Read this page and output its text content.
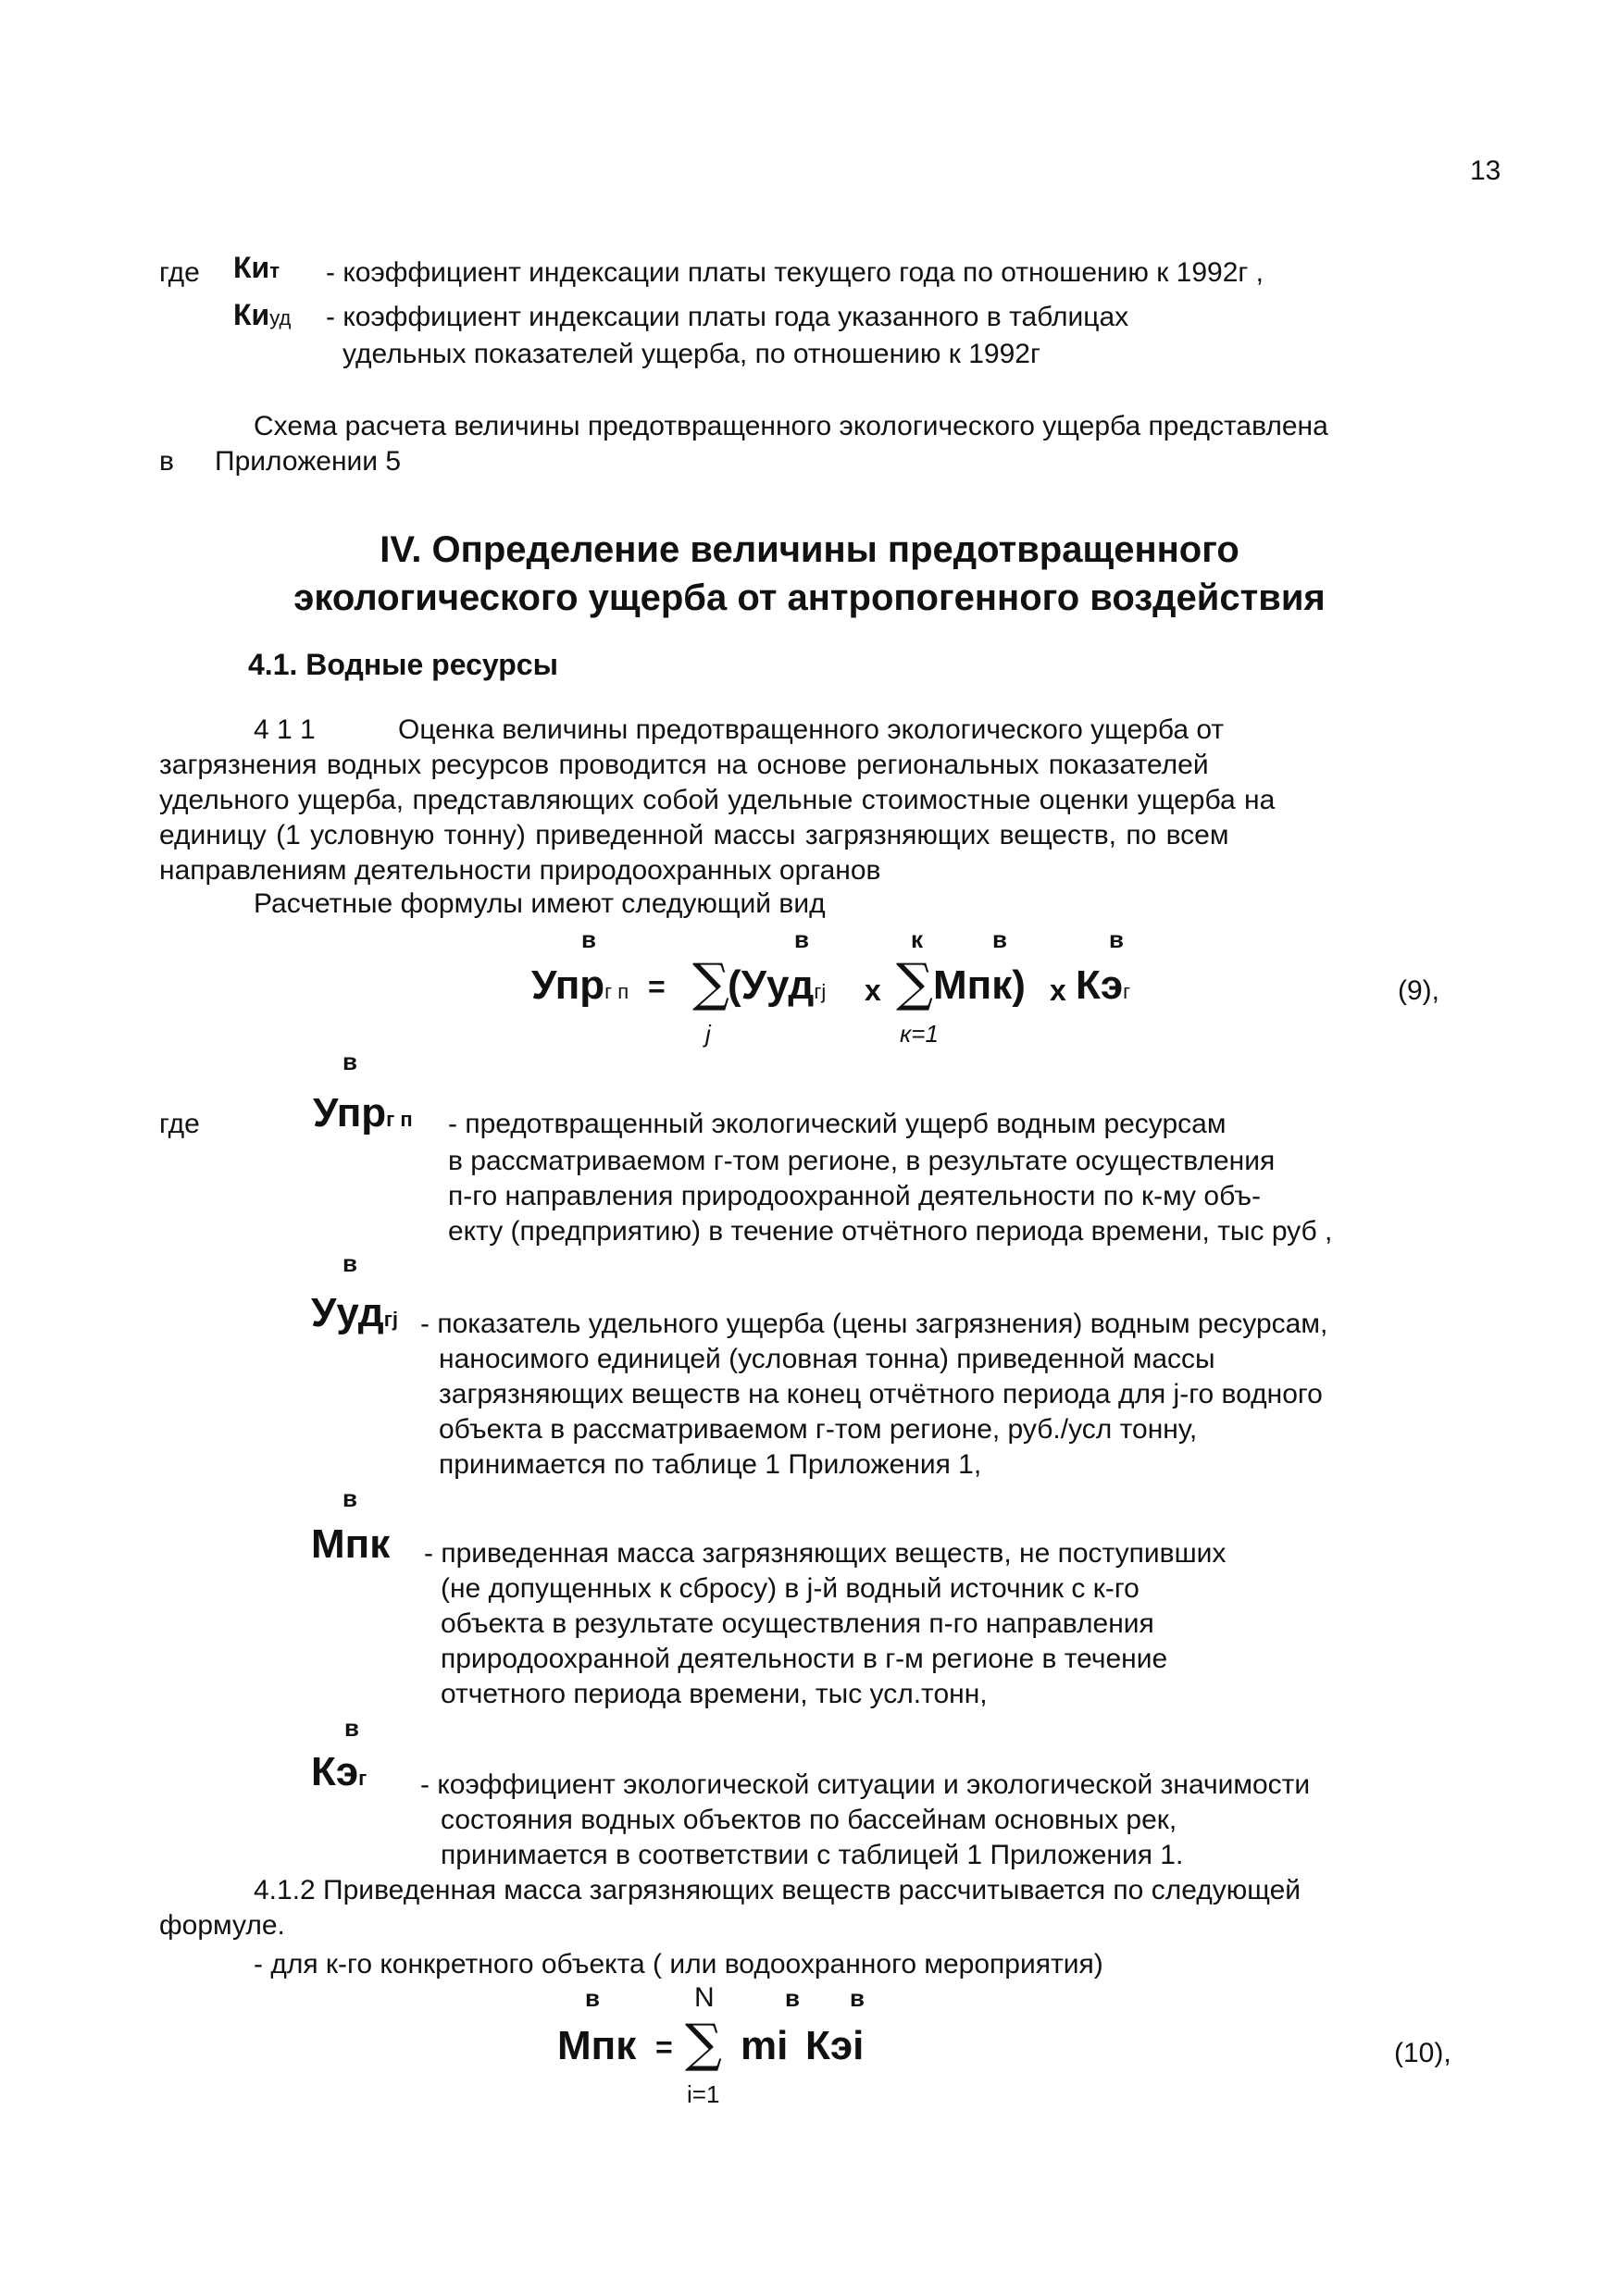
13
где Кит - коэффициент индексации платы текущего года по отношению к 1992г ,
Киуд - коэффициент индексации платы года указанного в таблицах
удельных показателей ущерба, по отношению к 1992г
Схема расчета величины предотвращенного экологического ущерба представлена
в Приложении 5
IV. Определение величины предотвращенного
экологического ущерба от антропогенного воздействия
4.1. Водные ресурсы
4 1 1	Оценка величины предотвращенного экологического ущерба от
загрязнения водных ресурсов проводится на основе региональных показателей
удельного ущерба, представляющих собой удельные стоимостные оценки ущерба на
единицу (1 условную тонну) приведенной массы загрязняющих веществ, по всем
направлениям деятельности природоохранных органов
Расчетные формулы имеют следующий вид
в	в	к	в	в
Упрг п = ∑
(Уудгj х ∑ Мпк) х Кэг
j	к=1
(9),
в
где	Упрг п - предотвращенный экологический ущерб водным ресурсам
в рассматриваемом г-том регионе, в результате осуществления
п-го направления природоохранной деятельности по к-му объ-
екту (предприятию) в течение отчётного периода времени, тыс руб ,
в
Уудгj - показатель удельного ущерба (цены загрязнения) водным ресурсам,
наносимого единицей (условная тонна) приведенной массы
загрязняющих веществ на конец отчётного периода для j-го водного
объекта в рассматриваемом г-том регионе, руб./усл тонну,
принимается по таблице 1 Приложения 1,
в
Мпк - приведенная масса загрязняющих веществ, не поступивших
(не допущенных к сбросу) в j-й водный источник с к-го
объекта в результате осуществления п-го направления
природоохранной деятельности в г-м регионе в течение
отчетного периода времени, тыс усл.тонн,
в
Кэг - коэффициент экологической ситуации и экологической значимости
состояния водных объектов по бассейнам основных рек,
принимается в соответствии с таблицей 1 Приложения 1.
4.1.2 Приведенная масса загрязняющих веществ рассчитывается по следующей
формуле.
- для к-го конкретного объекта ( или водоохранного мероприятия)
в	N	в в
Мпк = ∑ mi Кэi
i=1
(10),
